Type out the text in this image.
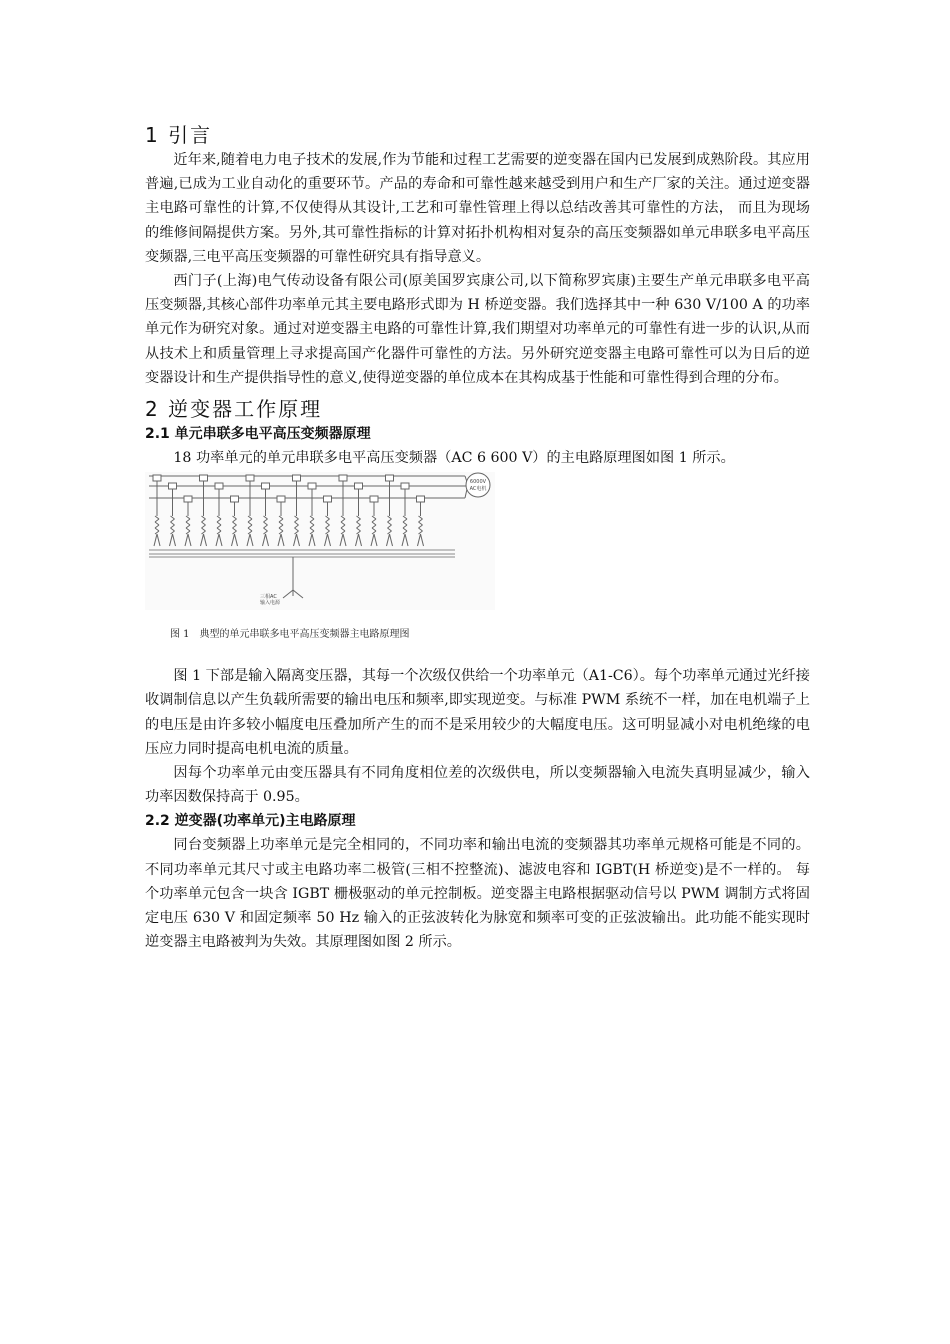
1 引言

近年来,随着电力电子技术的发展,作为节能和过程工艺需要的逆变器在国内已发展到成熟阶段。其应用普遍,已成为工业自动化的重要环节。产品的寿命和可靠性越来越受到用户和生产厂家的关注。通过逆变器主电路可靠性的计算,不仅使得从其设计,工艺和可靠性管理上得以总结改善其可靠性的方法， 而且为现场的维修间隔提供方案。另外,其可靠性指标的计算对拓扑机构相对复杂的高压变频器如单元串联多电平高压变频器,三电平高压变频器的可靠性研究具有指导意义。

西门子(上海)电气传动设备有限公司(原美国罗宾康公司,以下简称罗宾康)主要生产单元串联多电平高压变频器,其核心部件功率单元其主要电路形式即为 H 桥逆变器。我们选择其中一种 630 V/100 A 的功率单元作为研究对象。通过对逆变器主电路的可靠性计算,我们期望对功率单元的可靠性有进一步的认识,从而从技术上和质量管理上寻求提高国产化器件可靠性的方法。另外研究逆变器主电路可靠性可以为日后的逆变器设计和生产提供指导性的意义,使得逆变器的单位成本在其构成基于性能和可靠性得到合理的分布。

2 逆变器工作原理
2.1 单元串联多电平高压变频器原理

18 功率单元的单元串联多电平高压变频器（AC 6 600 V）的主电路原理图如图 1 所示。

6000V
AC电机
三相AC
输入电源
图 1 典型的单元串联多电平高压变频器主电路原理图

图 1 下部是输入隔离变压器，其每一个次级仅供给一个功率单元（A1-C6）。每个功率单元通过光纤接收调制信息以产生负载所需要的输出电压和频率,即实现逆变。与标准 PWM 系统不一样，加在电机端子上的电压是由许多较小幅度电压叠加所产生的而不是采用较少的大幅度电压。这可明显减小对电机绝缘的电压应力同时提高电机电流的质量。

因每个功率单元由变压器具有不同角度相位差的次级供电，所以变频器输入电流失真明显减少，输入功率因数保持高于 0.95。

2.2 逆变器(功率单元)主电路原理

同台变频器上功率单元是完全相同的，不同功率和输出电流的变频器其功率单元规格可能是不同的。不同功率单元其尺寸或主电路功率二极管(三相不控整流)、滤波电容和 IGBT(H 桥逆变)是不一样的。 每个功率单元包含一块含 IGBT 栅极驱动的单元控制板。逆变器主电路根据驱动信号以 PWM 调制方式将固定电压 630 V 和固定频率 50 Hz 输入的正弦波转化为脉宽和频率可变的正弦波输出。此功能不能实现时逆变器主电路被判为失效。其原理图如图 2 所示。
